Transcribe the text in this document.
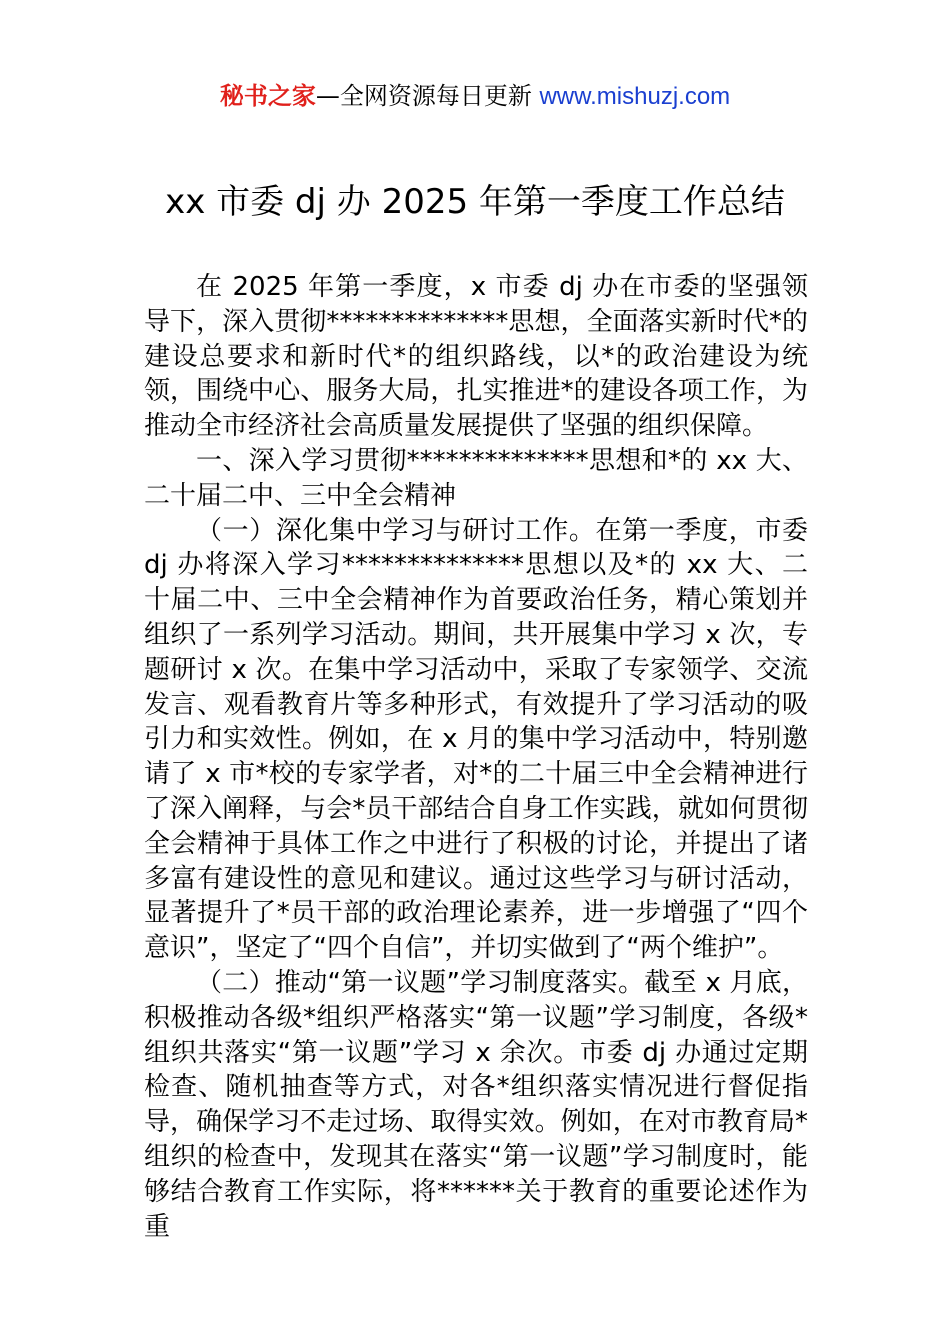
秘书之家—全网资源每日更新 www.mishuzj.com
xx 市委 dj 办 2025 年第一季度工作总结

在 2025 年第一季度，x 市委 dj 办在市委的坚强领导下，深入贯彻**************思想，全面落实新时代*的建设总要求和新时代*的组织路线，以*的政治建设为统领，围绕中心、服务大局，扎实推进*的建设各项工作，为推动全市经济社会高质量发展提供了坚强的组织保障。

一、深入学习贯彻**************思想和*的 xx 大、二十届二中、三中全会精神

（一）深化集中学习与研讨工作。在第一季度，市委 dj 办将深入学习**************思想以及*的 xx 大、二十届二中、三中全会精神作为首要政治任务，精心策划并组织了一系列学习活动。期间，共开展集中学习 x 次，专题研讨 x 次。在集中学习活动中，采取了专家领学、交流发言、观看教育片等多种形式，有效提升了学习活动的吸引力和实效性。例如，在 x 月的集中学习活动中，特别邀请了 x 市*校的专家学者，对*的二十届三中全会精神进行了深入阐释，与会*员干部结合自身工作实践，就如何贯彻全会精神于具体工作之中进行了积极的讨论，并提出了诸多富有建设性的意见和建议。通过这些学习与研讨活动，显著提升了*员干部的政治理论素养，进一步增强了“四个意识”，坚定了“四个自信”，并切实做到了“两个维护”。

（二）推动“第一议题”学习制度落实。截至 x 月底，积极推动各级*组织严格落实“第一议题”学习制度，各级*组织共落实“第一议题”学习 x 余次。市委 dj 办通过定期检查、随机抽查等方式，对各*组织落实情况进行督促指导，确保学习不走过场、取得实效。例如，在对市教育局*组织的检查中，发现其在落实“第一议题”学习制度时，能够结合教育工作实际，将******关于教育的重要论述作为重
